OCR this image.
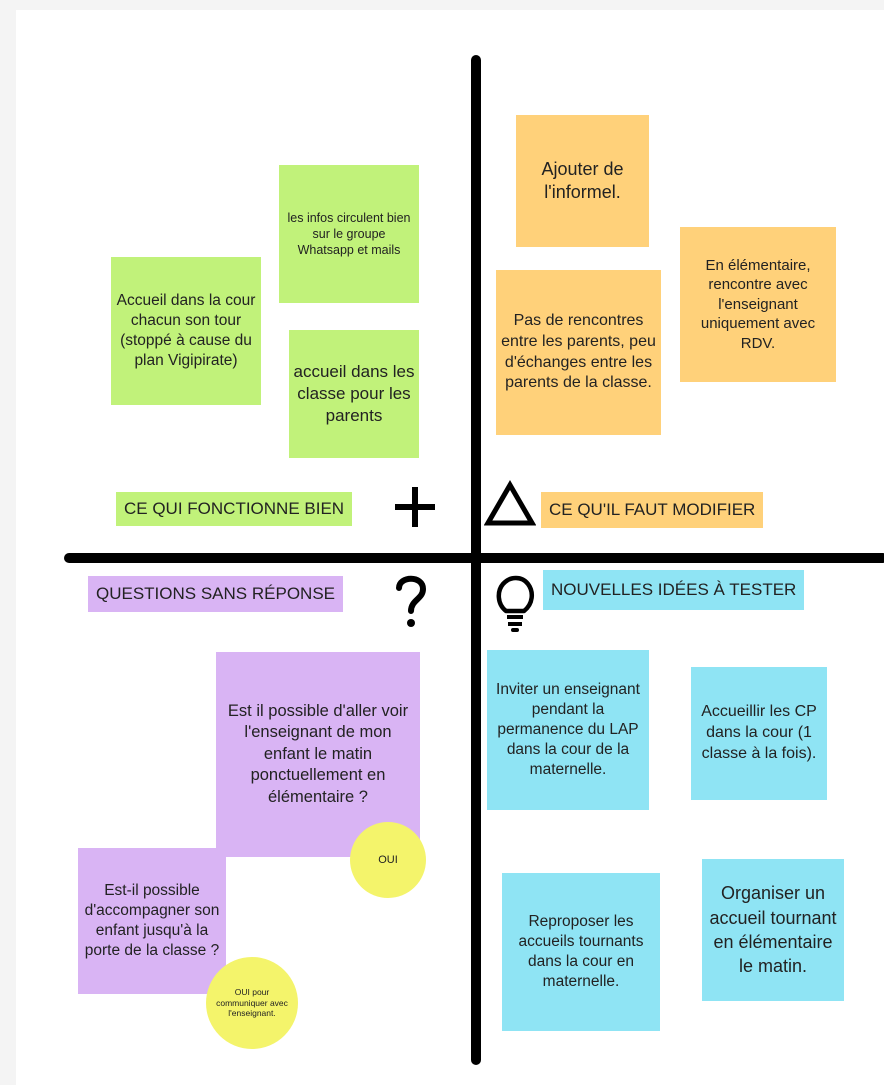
les infos circulent bien sur le groupe Whatsapp et mails
Accueil dans la cour chacun son tour (stoppé à cause du plan Vigipirate)
accueil dans les classe pour les parents
CE QUI FONCTIONNE BIEN
Ajouter de l'informel.
En élémentaire, rencontre avec l'enseignant uniquement avec RDV.
Pas de rencontres entre les parents, peu d'échanges entre les parents de la classe.
CE QU'IL FAUT MODIFIER
QUESTIONS SANS RÉPONSE
Est il possible d'aller voir l'enseignant de mon enfant le matin ponctuellement en élémentaire ?
OUI
Est-il possible d'accompagner son enfant jusqu'à la porte de la classe ?
OUI pour communiquer avec l'enseignant.
NOUVELLES IDÉES À TESTER
Inviter un enseignant pendant la permanence du LAP dans la cour de la maternelle.
Accueillir les CP dans la cour (1 classe à la fois).
Reproposer les accueils tournants dans la cour en maternelle.
Organiser un accueil tournant en élémentaire le matin.
